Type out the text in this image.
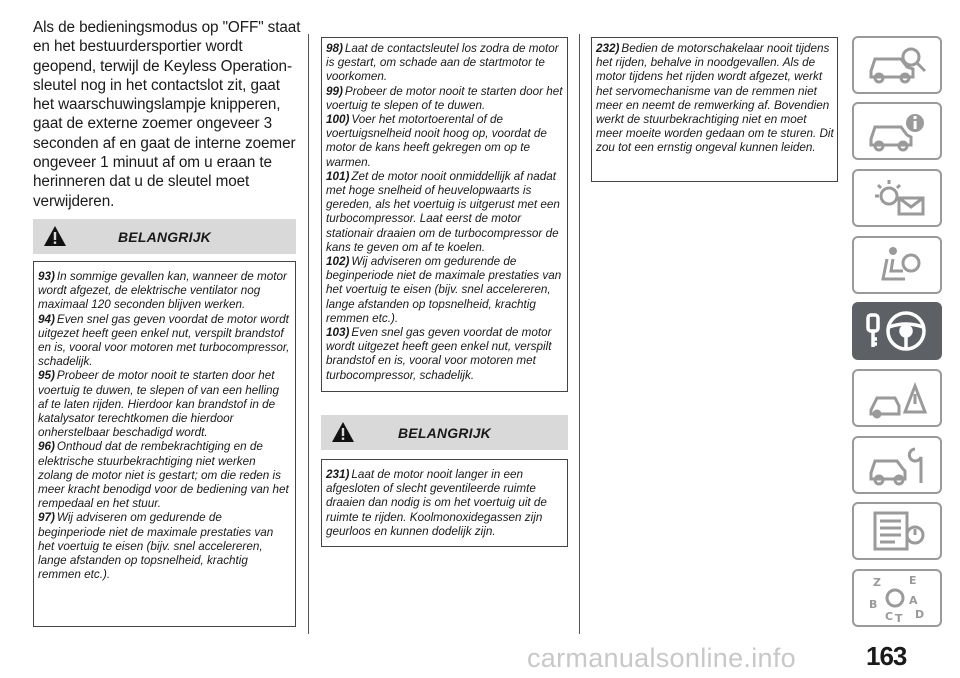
Als de bedieningsmodus op "OFF" staat en het bestuurdersportier wordt geopend, terwijl de Keyless Operation-sleutel nog in het contactslot zit, gaat het waarschuwingslampje knipperen, gaat de externe zoemer ongeveer 3 seconden af en gaat de interne zoemer ongeveer 1 minuut af om u eraan te herinneren dat u de sleutel moet verwijderen.
BELANGRIJK

93) In sommige gevallen kan, wanneer de motor wordt afgezet, de elektrische ventilator nog maximaal 120 seconden blijven werken.

94) Even snel gas geven voordat de motor wordt uitgezet heeft geen enkel nut, verspilt brandstof en is, vooral voor motoren met turbocompressor, schadelijk.

95) Probeer de motor nooit te starten door het voertuig te duwen, te slepen of van een helling af te laten rijden. Hierdoor kan brandstof in de katalysator terechtkomen die hierdoor onherstelbaar beschadigd wordt.

96) Onthoud dat de rembekrachtiging en de elektrische stuurbekrachtiging niet werken zolang de motor niet is gestart; om die reden is meer kracht benodigd voor de bediening van het rempedaal en het stuur.

97) Wij adviseren om gedurende de beginperiode niet de maximale prestaties van het voertuig te eisen (bijv. snel accelereren, lange afstanden op topsnelheid, krachtig remmen etc.).

98) Laat de contactsleutel los zodra de motor is gestart, om schade aan de startmotor te voorkomen.

99) Probeer de motor nooit te starten door het voertuig te slepen of te duwen.

100) Voer het motortoerental of de voertuigsnelheid nooit hoog op, voordat de motor de kans heeft gekregen om op te warmen.

101) Zet de motor nooit onmiddellijk af nadat met hoge snelheid of heuvelopwaarts is gereden, als het voertuig is uitgerust met een turbocompressor. Laat eerst de motor stationair draaien om de turbocompressor de kans te geven om af te koelen.

102) Wij adviseren om gedurende de beginperiode niet de maximale prestaties van het voertuig te eisen (bijv. snel accelereren, lange afstanden op topsnelheid, krachtig remmen etc.).

103) Even snel gas geven voordat de motor wordt uitgezet heeft geen enkel nut, verspilt brandstof en is, vooral voor motoren met turbocompressor, schadelijk.

BELANGRIJK

231) Laat de motor nooit langer in een afgesloten of slecht geventileerde ruimte draaien dan nodig is om het voertuig uit de ruimte te rijden. Koolmonoxidegassen zijn geurloos en kunnen dodelijk zijn.

232) Bedien de motorschakelaar nooit tijdens het rijden, behalve in noodgevallen. Als de motor tijdens het rijden wordt afgezet, werkt het servomechanisme van de remmen niet meer en neemt de remwerking af. Bovendien werkt de stuurbekrachtiging niet en moet meer moeite worden gedaan om te sturen. Dit zou tot een ernstig ongeval kunnen leiden.

Z	E
B	A
D
C T
163
carmanualsonline.info
